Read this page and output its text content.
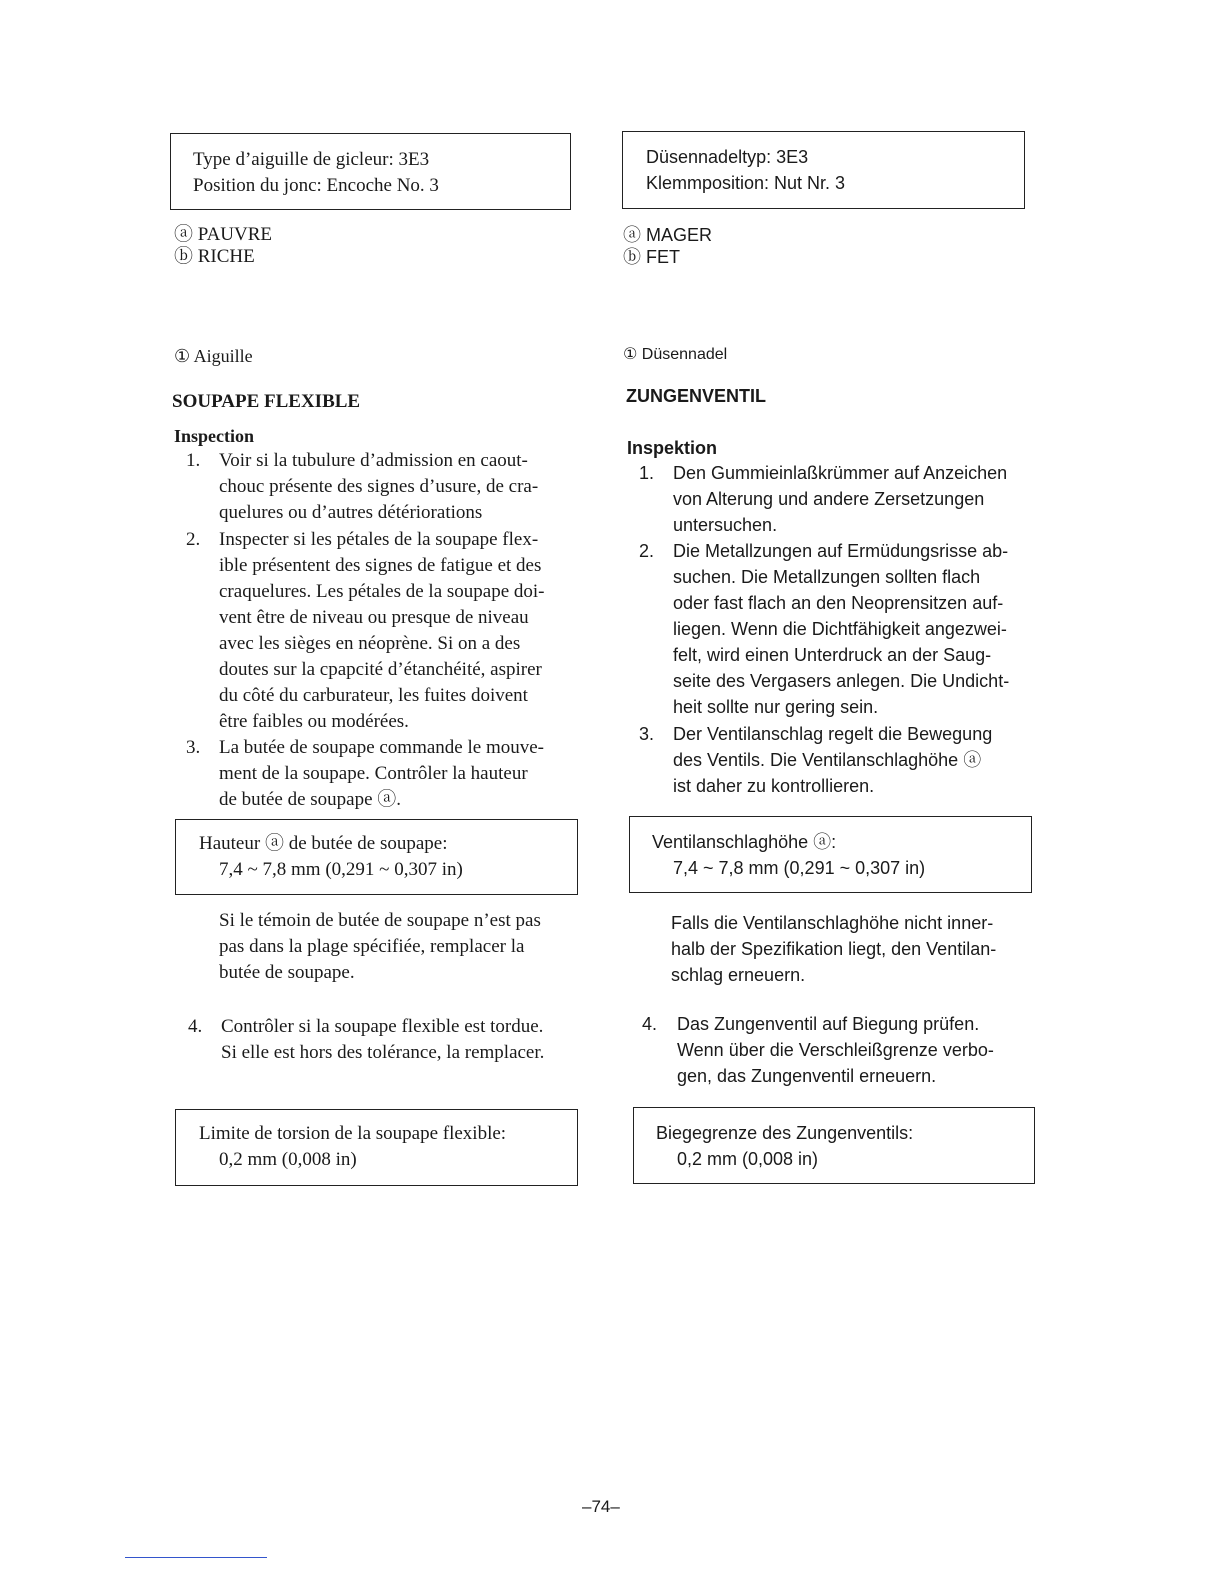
Type d’aiguille de gicleur: 3E3
Position du jonc: Encoche No. 3
ⓐ PAUVRE
ⓑ RICHE
① Aiguille
SOUPAPE FLEXIBLE
Inspection
1. Voir si la tubulure d’admission en caout-
chouc présente des signes d’usure, de cra-
quelures ou d’autres détériorations
2. Inspecter si les pétales de la soupape flex-
ible présentent des signes de fatigue et des
craquelures. Les pétales de la soupape doi-
vent être de niveau ou presque de niveau
avec les sièges en néoprène. Si on a des
doutes sur la cpapcité d’étanchéité, aspirer
du côté du carburateur, les fuites doivent
être faibles ou modérées.
3. La butée de soupape commande le mouve-
ment de la soupape. Contrôler la hauteur
de butée de soupape ⓐ.
Hauteur ⓐ de butée de soupape:
7,4 ~ 7,8 mm (0,291 ~ 0,307 in)
Si le témoin de butée de soupape n’est pas
pas dans la plage spécifiée, remplacer la
butée de soupape.
4. Contrôler si la soupape flexible est tordue.
Si elle est hors des tolérance, la remplacer.
Limite de torsion de la soupape flexible:
0,2 mm (0,008 in)
Düsennadeltyp: 3E3
Klemmposition: Nut Nr. 3
ⓐ MAGER
ⓑ FET
① Düsennadel
ZUNGENVENTIL
Inspektion
1. Den Gummieinlaßkrümmer auf Anzeichen
von Alterung und andere Zersetzungen
untersuchen.
2. Die Metallzungen auf Ermüdungsrisse ab-
suchen. Die Metallzungen sollten flach
oder fast flach an den Neoprensitzen auf-
liegen. Wenn die Dichtfähigkeit angezwei-
felt, wird einen Unterdruck an der Saug-
seite des Vergasers anlegen. Die Undicht-
heit sollte nur gering sein.
3. Der Ventilanschlag regelt die Bewegung
des Ventils. Die Ventilanschlaghöhe ⓐ
ist daher zu kontrollieren.
Ventilanschlaghöhe ⓐ:
7,4 ~ 7,8 mm (0,291 ~ 0,307 in)
Falls die Ventilanschlaghöhe nicht inner-
halb der Spezifikation liegt, den Ventilan-
schlag erneuern.
4. Das Zungenventil auf Biegung prüfen.
Wenn über die Verschleißgrenze verbo-
gen, das Zungenventil erneuern.
Biegegrenze des Zungenventils:
0,2 mm (0,008 in)
–74–
